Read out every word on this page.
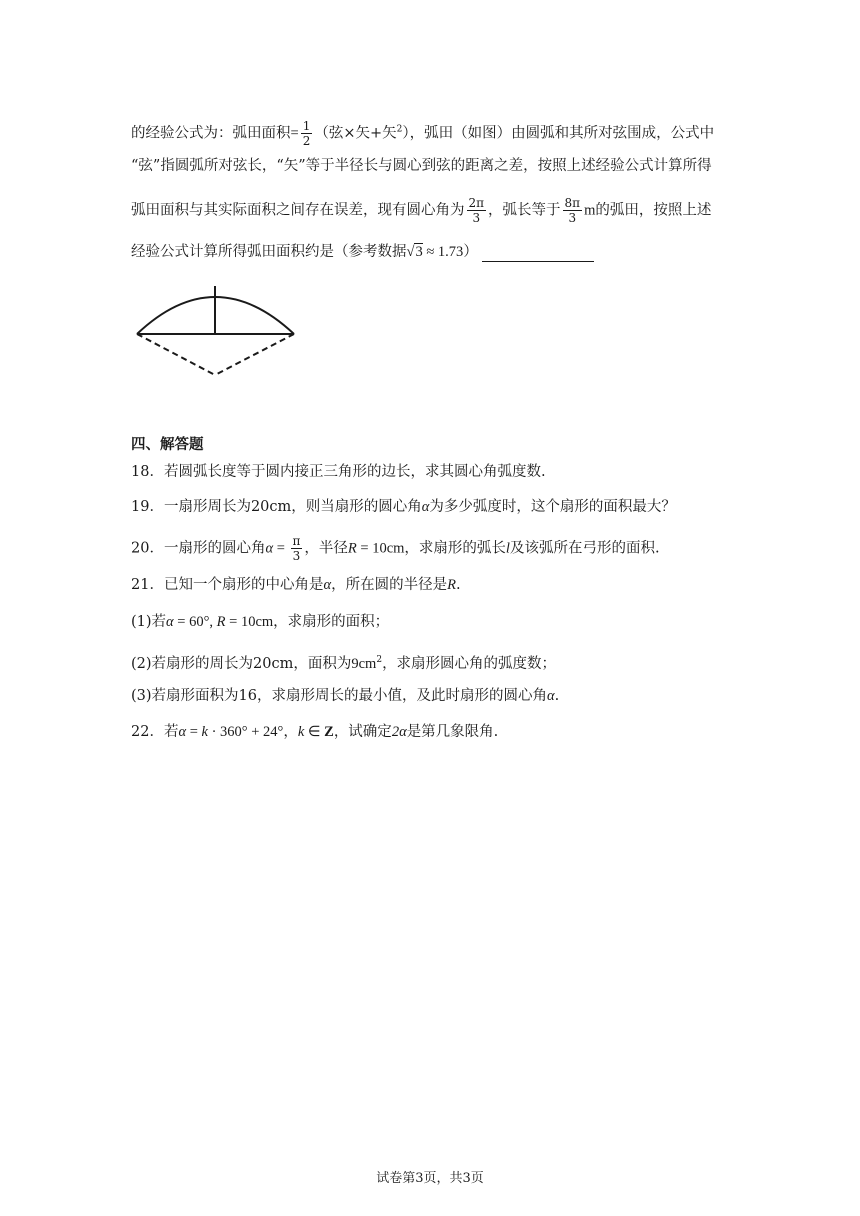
的经验公式为：弧田面积= $\frac{1}{2}$ （弦×矢+矢$^2$），弧田（如图）由圆弧和其所对弦围成，公式中
“弦”指圆弧所对弦长，“矢”等于半径长与圆心到弦的距离之差，按照上述经验公式计算所得
弧田面积与其实际面积之间存在误差，现有圆心角为 $\frac{2\pi}{3}$ ，弧长等于 $\frac{8\pi}{3}$ m的弧田，按照上述
经验公式计算所得弧田面积约是（参考数据√3 ≈ 1.73）
四、解答题
18．若圆弧长度等于圆内接正三角形的边长，求其圆心角弧度数.
19．一扇形周长为20cm，则当扇形的圆心角α为多少弧度时，这个扇形的面积最大？
20．一扇形的圆心角$\alpha = \frac{\pi}{3}$ ，半径R = 10cm，求扇形的弧长l及该弧所在弓形的面积.
21．已知一个扇形的中心角是α，所在圆的半径是R.
(1)若α = 60°, R = 10cm，求扇形的面积；
(2)若扇形的周长为20cm，面积为$9cm^2$，求扇形圆心角的弧度数；
(3)若扇形面积为16，求扇形周长的最小值，及此时扇形的圆心角α.
22．若α = k · 360° + 24°，k ∈ Z，试确定2α是第几象限角.
试卷第3页，共3页
